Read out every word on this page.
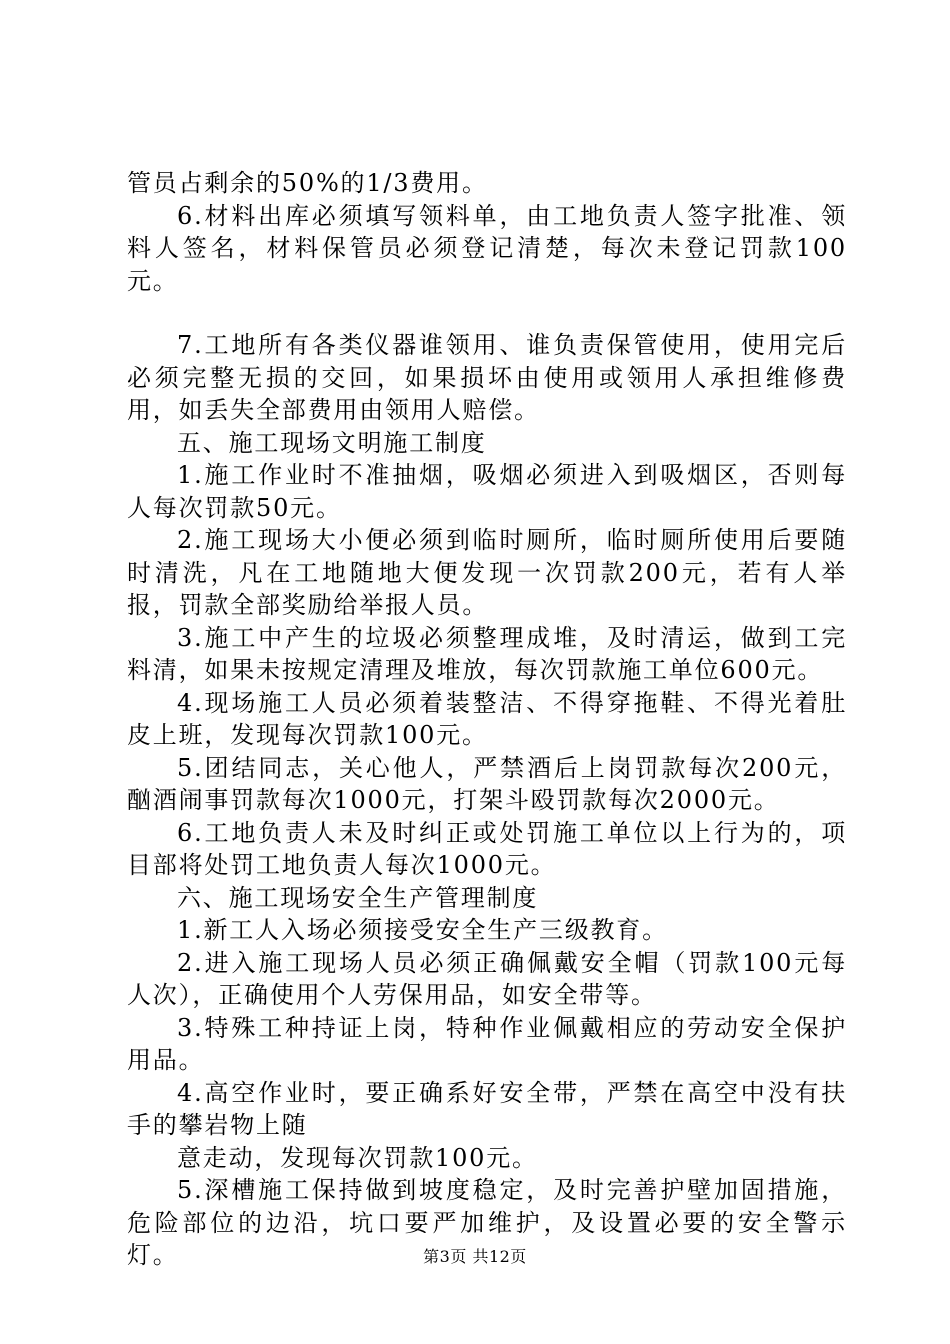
管员占剩余的50%的1/3费用。

6.材料出库必须填写领料单，由工地负责人签字批准、领料人签名，材料保管员必须登记清楚，每次未登记罚款100元。

7.工地所有各类仪器谁领用、谁负责保管使用，使用完后必须完整无损的交回，如果损坏由使用或领用人承担维修费用，如丢失全部费用由领用人赔偿。

五、施工现场文明施工制度

1.施工作业时不准抽烟，吸烟必须进入到吸烟区，否则每人每次罚款50元。

2.施工现场大小便必须到临时厕所，临时厕所使用后要随时清洗，凡在工地随地大便发现一次罚款200元，若有人举报，罚款全部奖励给举报人员。

3.施工中产生的垃圾必须整理成堆，及时清运，做到工完料清，如果未按规定清理及堆放，每次罚款施工单位600元。

4.现场施工人员必须着装整洁、不得穿拖鞋、不得光着肚皮上班，发现每次罚款100元。

5.团结同志，关心他人，严禁酒后上岗罚款每次200元，酗酒闹事罚款每次1000元，打架斗殴罚款每次2000元。

6.工地负责人未及时纠正或处罚施工单位以上行为的，项目部将处罚工地负责人每次1000元。

六、施工现场安全生产管理制度

1.新工人入场必须接受安全生产三级教育。

2.进入施工现场人员必须正确佩戴安全帽（罚款100元每人次），正确使用个人劳保用品，如安全带等。

3.特殊工种持证上岗，特种作业佩戴相应的劳动安全保护用品。

4.高空作业时，要正确系好安全带，严禁在高空中没有扶手的攀岩物上随

意走动，发现每次罚款100元。

5.深槽施工保持做到坡度稳定，及时完善护壁加固措施，危险部位的边沿，坑口要严加维护，及设置必要的安全警示灯。	第3页 共12页
